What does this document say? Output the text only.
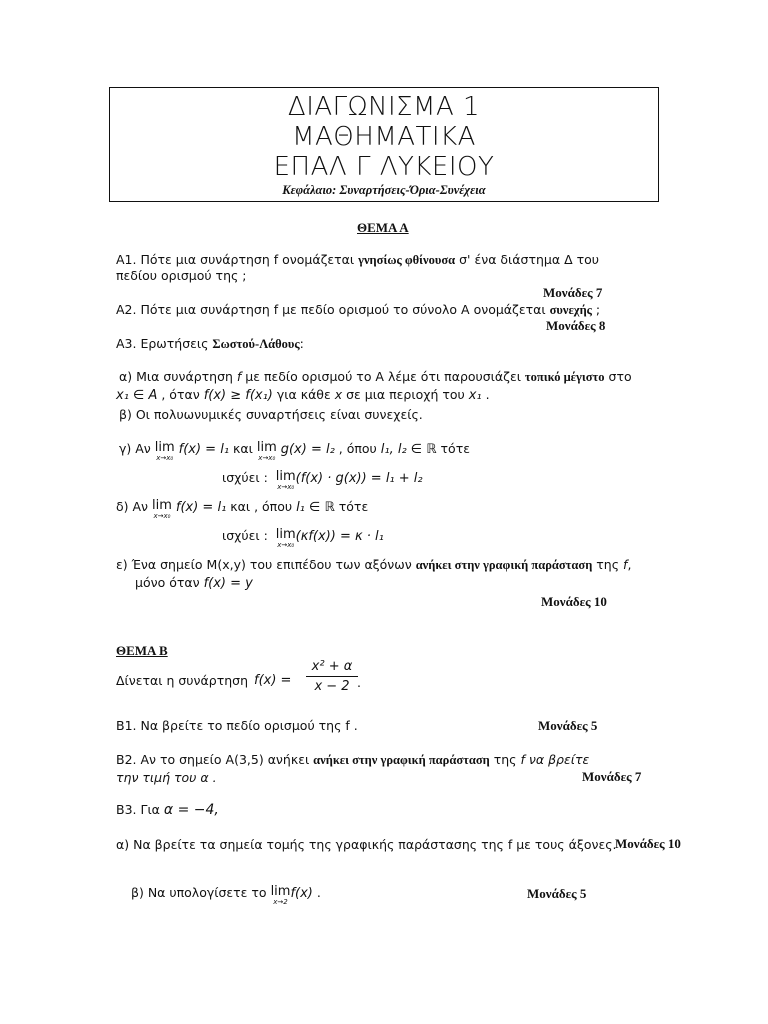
ΔΙΑΓΩΝΙΣΜΑ 1
ΜΑΘΗΜΑΤΙΚΑ
ΕΠΑΛ Γ ΛΥΚΕΙΟΥ
Κεφάλαιο: Συναρτήσεις-Όρια-Συνέχεια
ΘΕΜΑ Α
Α1. Πότε μια συνάρτηση f ονομάζεται γνησίως φθίνουσα σ' ένα διάστημα Δ του
πεδίου ορισμού της ;
Μονάδες 7
Α2. Πότε μια συνάρτηση f με πεδίο ορισμού το σύνολο Α ονομάζεται συνεχής ;
Μονάδες 8
Α3. Ερωτήσεις Σωστού-Λάθους:
α) Μια συνάρτηση f με πεδίο ορισμού το Α λέμε ότι παρουσιάζει τοπικό μέγιστο στο
x₁ ∈ A , όταν f(x) ≥ f(x₁) για κάθε x σε μια περιοχή του x₁ .
β) Οι πολυωνυμικές συναρτήσεις είναι συνεχείς.
γ) Αν lim
x→x₀
f(x) = l₁ και lim
x→x₀
g(x) = l₂ , όπου l₁, l₂ ∈ ℝ τότε
ισχύει : lim
x→x₀
(f(x) · g(x)) = l₁ + l₂
δ) Αν lim
x→x₀
f(x) = l₁ και , όπου l₁ ∈ ℝ τότε
ισχύει : lim
x→x₀
(κf(x)) = κ · l₁
ε) Ένα σημείο M(x,y) του επιπέδου των αξόνων ανήκει στην γραφική παράσταση της f,
μόνο όταν f(x) = y
Μονάδες 10
ΘΕΜΑ Β
Δίνεται η συνάρτηση f(x) =
x² + α
x − 2 .
Β1. Να βρείτε το πεδίο ορισμού της f .	Μονάδες 5
Β2. Αν το σημείο Α(3,5) ανήκει ανήκει στην γραφική παράσταση της f να βρείτε
την τιμή του α .	Μονάδες 7
Β3. Για α = −4,
α) Να βρείτε τα σημεία τομής της γραφικής παράστασης της f με τους άξονες.
Μονάδες 10
β) Να υπολογίσετε το lim
x→2
f(x) .	Μονάδες 5
